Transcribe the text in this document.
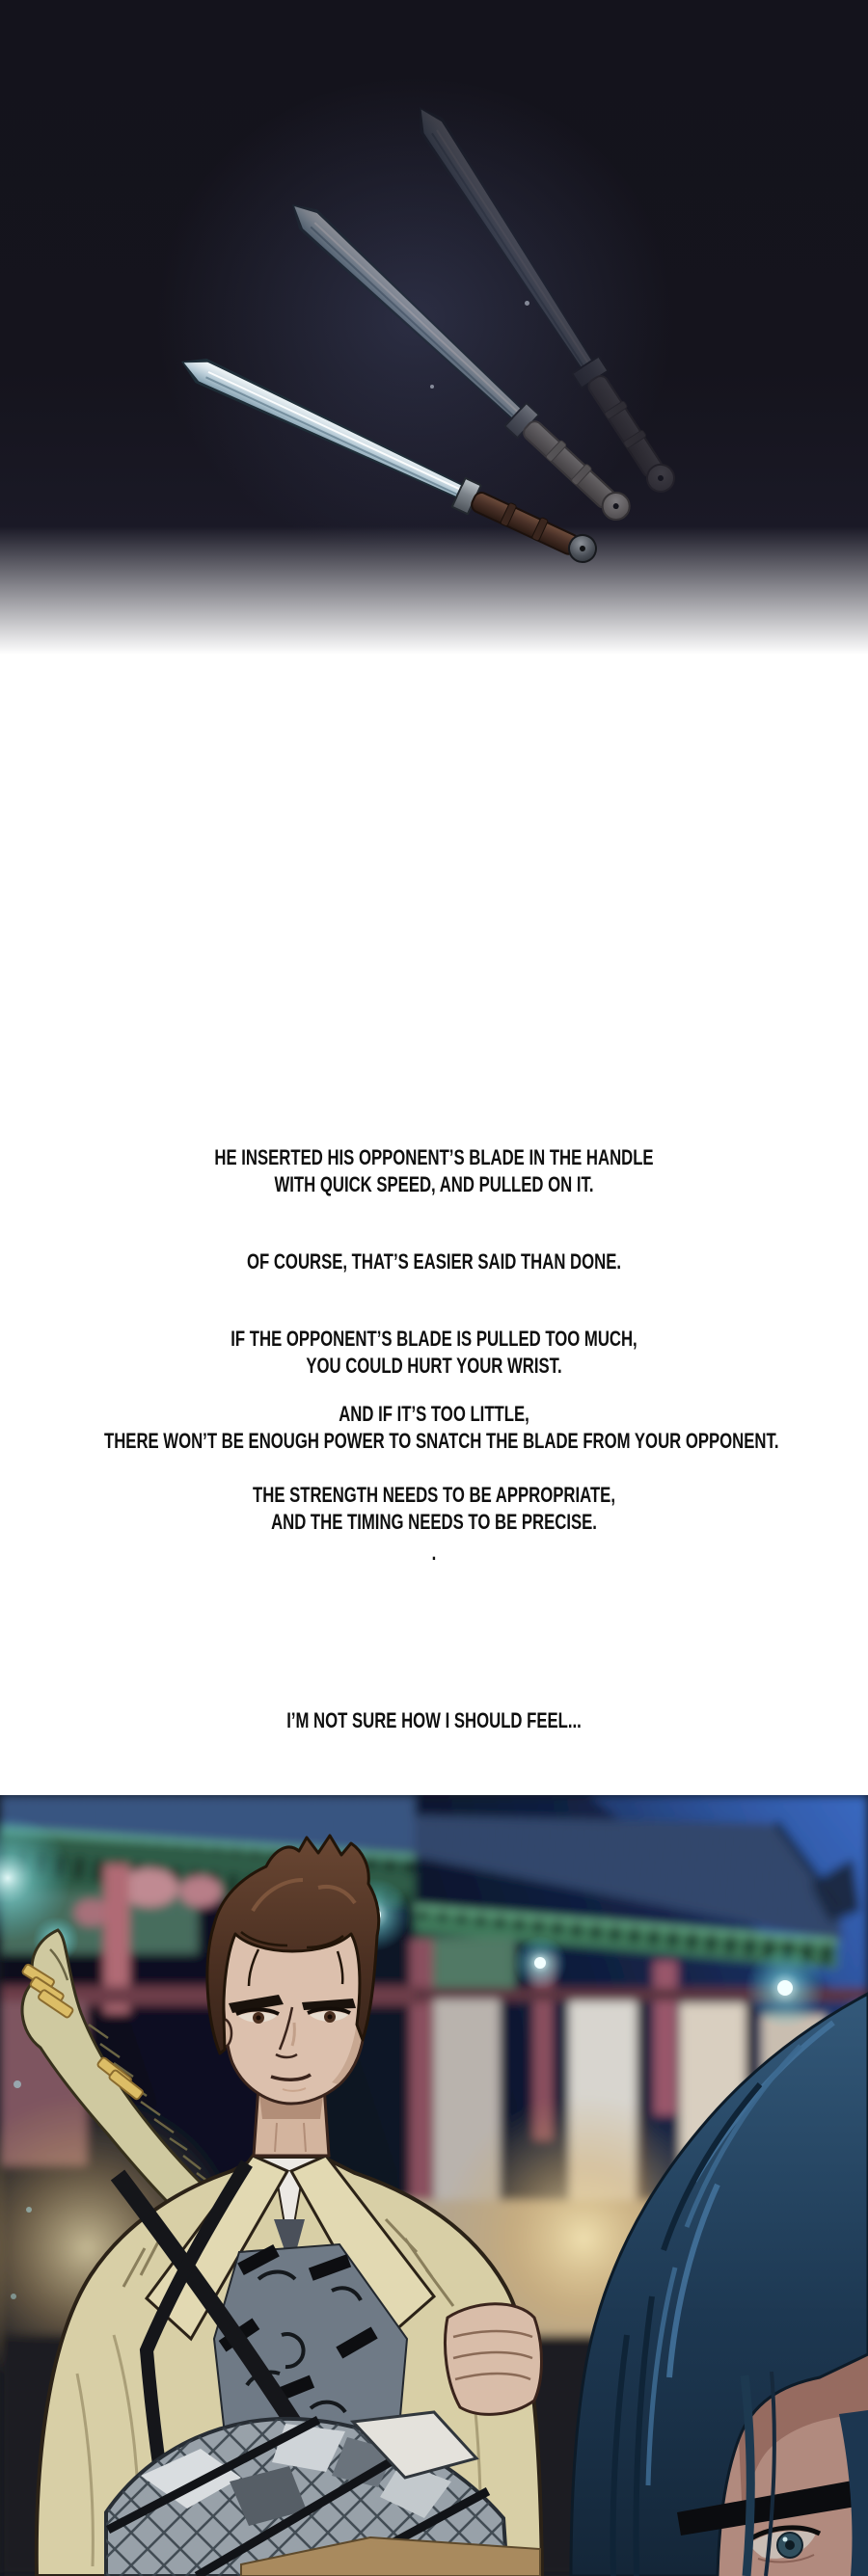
HE INSERTED HIS OPPONENT’S BLADE IN THE HANDLE

WITH QUICK SPEED, AND PULLED ON IT.

OF COURSE, THAT’S EASIER SAID THAN DONE.

IF THE OPPONENT’S BLADE IS PULLED TOO MUCH,

YOU COULD HURT YOUR WRIST.

AND IF IT’S TOO LITTLE,

THERE WON’T BE ENOUGH POWER TO SNATCH THE BLADE FROM YOUR OPPONENT.

THE STRENGTH NEEDS TO BE APPROPRIATE,

AND THE TIMING NEEDS TO BE PRECISE.

.

I’M NOT SURE HOW I SHOULD FEEL...
